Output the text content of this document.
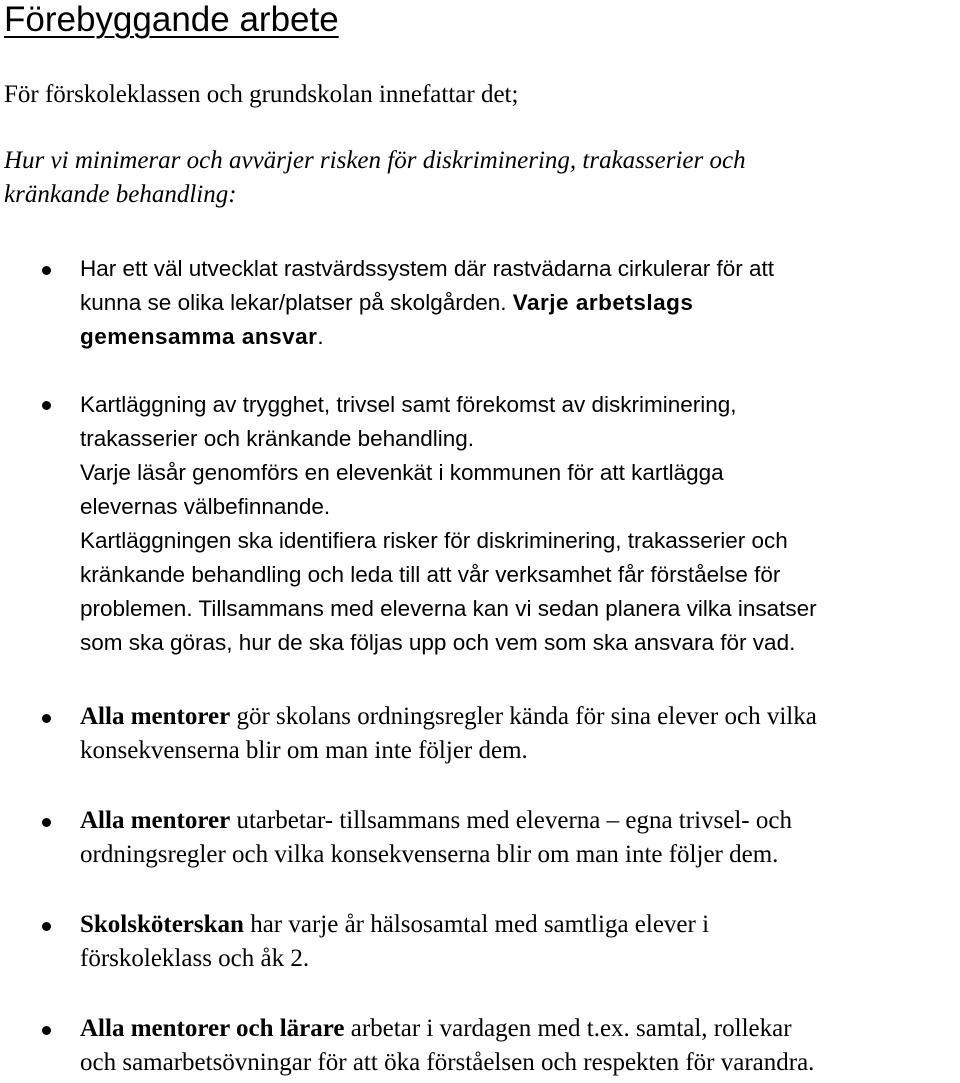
Förebyggande arbete
För förskoleklassen och grundskolan innefattar det;
Hur vi minimerar och avvärjer risken för diskriminering, trakasserier och
kränkande behandling:
Har ett väl utvecklat rastvärdssystem där rastvädarna cirkulerar för att
kunna se olika lekar/platser på skolgården. Varje arbetslags
gemensamma ansvar.
Kartläggning av trygghet, trivsel samt förekomst av diskriminering,
trakasserier och kränkande behandling.
Varje läsår genomförs en elevenkät i kommunen för att kartlägga
elevernas välbefinnande.
Kartläggningen ska identifiera risker för diskriminering, trakasserier och
kränkande behandling och leda till att vår verksamhet får förståelse för
problemen. Tillsammans med eleverna kan vi sedan planera vilka insatser
som ska göras, hur de ska följas upp och vem som ska ansvara för vad.
Alla mentorer gör skolans ordningsregler kända för sina elever och vilka
konsekvenserna blir om man inte följer dem.
Alla mentorer utarbetar- tillsammans med eleverna – egna trivsel- och
ordningsregler och vilka konsekvenserna blir om man inte följer dem.
Skolsköterskan har varje år hälsosamtal med samtliga elever i
förskoleklass och åk 2.
Alla mentorer och lärare arbetar i vardagen med t.ex. samtal, rollekar
och samarbetsövningar för att öka förståelsen och respekten för varandra.
